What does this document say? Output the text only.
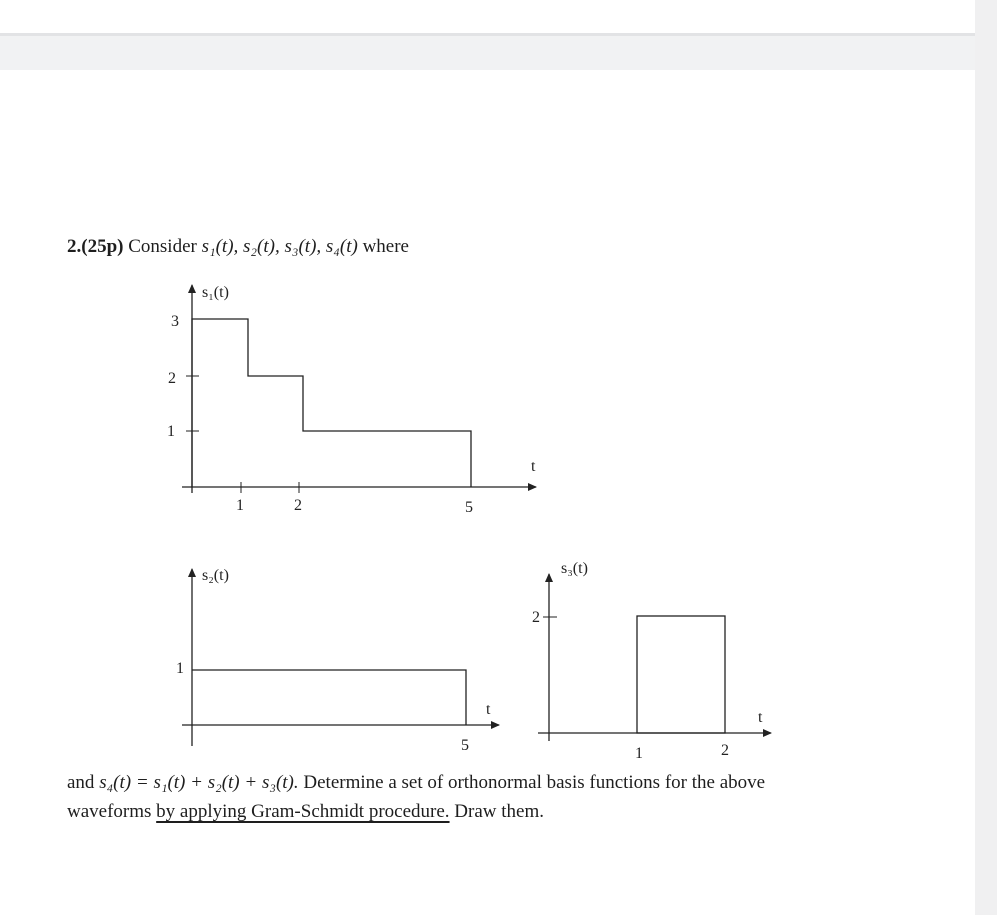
2.(25p) Consider s₁(t), s₂(t), s₃(t), s₄(t) where
s₁(t)
3
2
1
1	2	5
t
s₂(t)
1
5
t
s₃(t)
2
1	2
t
and s₄(t) = s₁(t) + s₂(t) + s₃(t). Determine a set of orthonormal basis functions for the above
waveforms by applying Gram-Schmidt procedure. Draw them.
